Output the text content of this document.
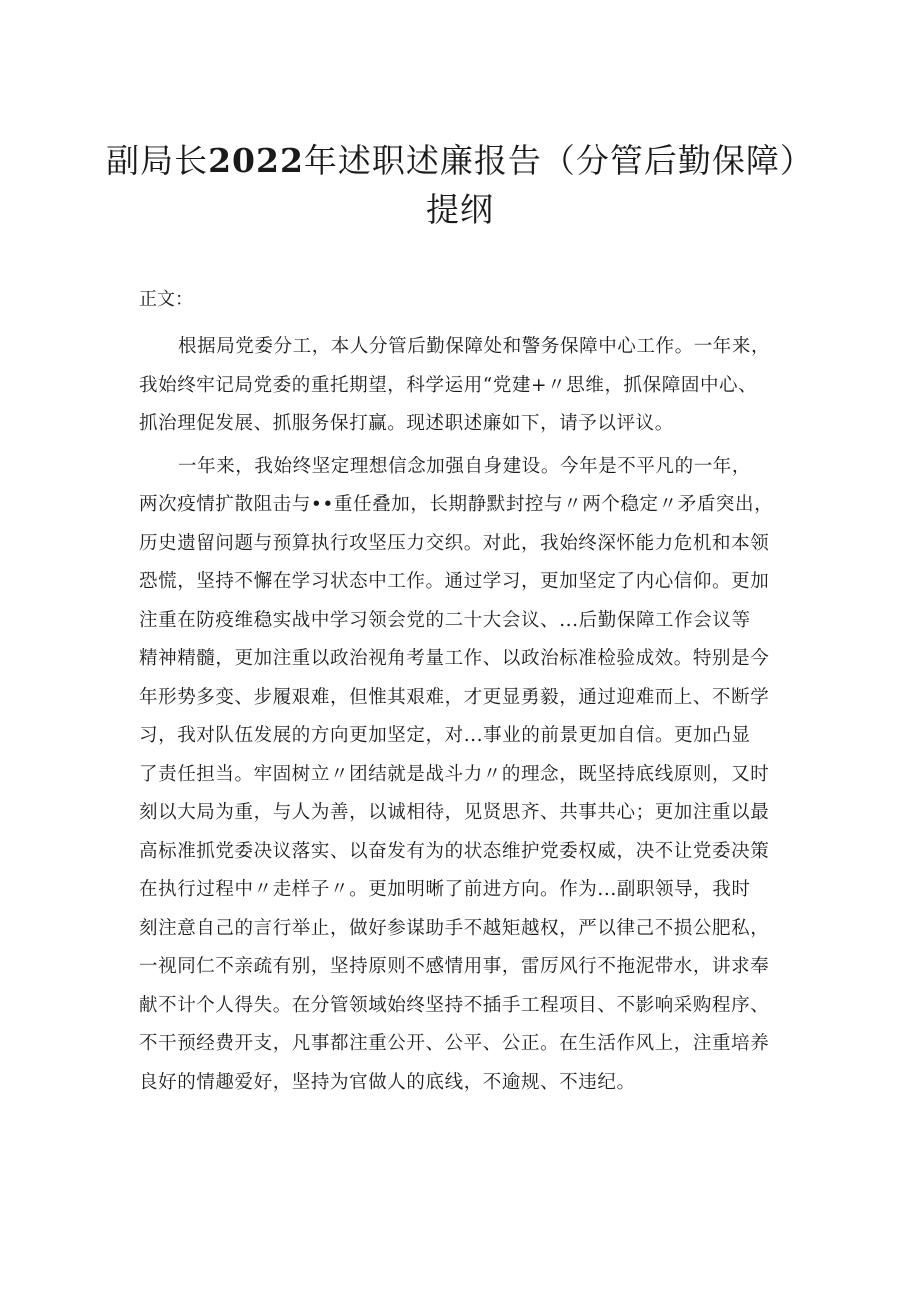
副局长2022年述职述廉报告（分管后勤保障）

提纲

正文：
根据局党委分工，本人分管后勤保障处和警务保障中心工作。一年来，
我始终牢记局党委的重托期望，科学运用“党建+〃思维，抓保障固中心、
抓治理促发展、抓服务保打赢。现述职述廉如下，请予以评议。
一年来，我始终坚定理想信念加强自身建设。今年是不平凡的一年，
两次疫情扩散阻击与••重任叠加，长期静默封控与〃两个稳定〃矛盾突出，
历史遗留问题与预算执行攻坚压力交织。对此，我始终深怀能力危机和本领
恐慌，坚持不懈在学习状态中工作。通过学习，更加坚定了内心信仰。更加
注重在防疫维稳实战中学习领会党的二十大会议、...后勤保障工作会议等
精神精髓，更加注重以政治视角考量工作、以政治标准检验成效。特别是今
年形势多变、步履艰难，但惟其艰难，才更显勇毅，通过迎难而上、不断学
习，我对队伍发展的方向更加坚定，对...事业的前景更加自信。更加凸显
了责任担当。牢固树立〃团结就是战斗力〃的理念，既坚持底线原则，又时
刻以大局为重，与人为善，以诚相待，见贤思齐、共事共心；更加注重以最
高标准抓党委决议落实、以奋发有为的状态维护党委权威，决不让党委决策
在执行过程中〃走样子〃。更加明晰了前进方向。作为...副职领导，我时
刻注意自己的言行举止，做好参谋助手不越矩越权，严以律己不损公肥私，
一视同仁不亲疏有别，坚持原则不感情用事，雷厉风行不拖泥带水，讲求奉
献不计个人得失。在分管领域始终坚持不插手工程项目、不影响采购程序、
不干预经费开支，凡事都注重公开、公平、公正。在生活作风上，注重培养
良好的情趣爱好，坚持为官做人的底线，不逾规、不违纪。
